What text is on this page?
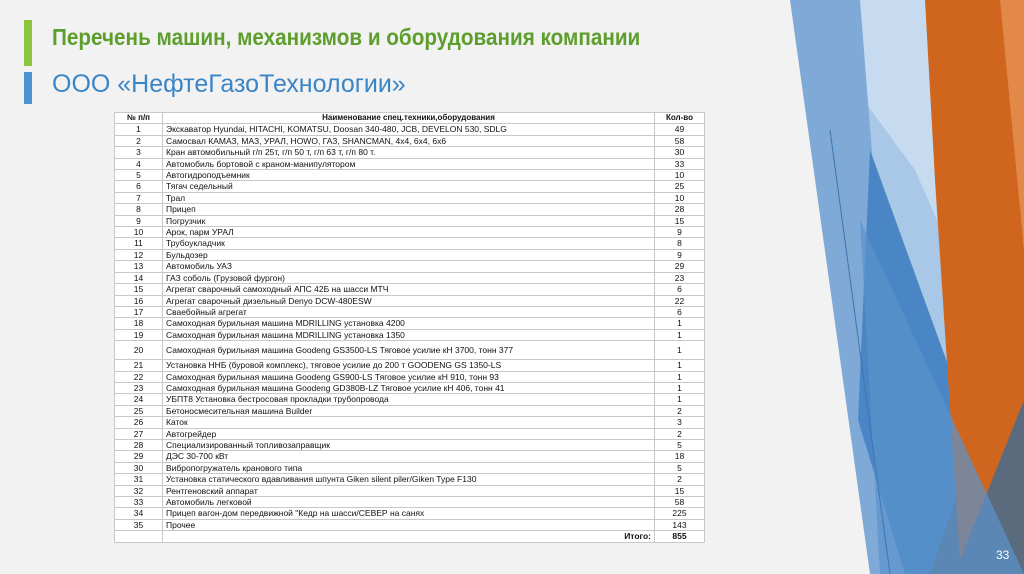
Перечень машин, механизмов и оборудования компании
ООО «НефтеГазоТехнологии»
№ п/п	Наименование спец.техники,оборудования	Кол-во
1	Экскаватор Hyundai, HITACHI, KOMATSU, Doosan 340-480, JCB, DEVELON 530, SDLG	49
2	Самосвал КАМАЗ, МАЗ, УРАЛ, HOWO, ГАЗ, SHANCMAN, 4x4, 6x4, 6x6	58
3	Кран автомобильный г/п 25т, г/п 50 т, г/п 63 т, г/п 80 т.	30
4	Автомобиль бортовой с краном-манипулятором	33
5	Автогидроподъемник	10
6	Тягач седельный	25
7	Трал	10
8	Прицеп	28
9	Погрузчик	15
10	Арок, парм УРАЛ	9
11	Трубоукладчик	8
12	Бульдозер	9
13	Автомобиль УАЗ	29
14	ГАЗ соболь (Грузовой фургон)	23
15	Агрегат сварочный самоходный АПС 42Б на шасси МТЧ	6
16	Агрегат сварочный дизельный Denyo DCW-480ESW	22
17	Сваебойный агрегат	6
18	Самоходная бурильная машина MDRILLING установка 4200	1
19	Самоходная бурильная машина MDRILLING установка 1350	1
20	Самоходная бурильная машина Goodeng GS3500-LS Тяговое усилие кН 3700, тонн 377	1
21	Установка ННБ (буровой комплекс), тяговое усилие до 200 т GOODENG GS 1350-LS	1
22	Самоходная бурильная машина Goodeng GS900-LS Тяговое усилие кН 910, тонн 93	1
23	Самоходная бурильная машина Goodeng GD380B-LZ Тяговое усилие кН 406, тонн 41	1
24	УБПТ8 Установка бестросовая прокладки трубопровода	1
25	Бетоносмесительная машина Builder	2
26	Каток	3
27	Автогрейдер	2
28	Специализированный топливозаправщик	5
29	ДЭС 30-700 кВт	18
30	Вибропогружатель кранового типа	5
31	Установка статического вдавливания шпунта Giken silent piler/Giken Type F130	2
32	Рентгеновский аппарат	15
33	Автомобиль легковой	58
34	Прицеп вагон-дом передвижной "Кедр на шасси/СЕВЕР на санях	225
35	Прочее	143
	Итого:	855
33
